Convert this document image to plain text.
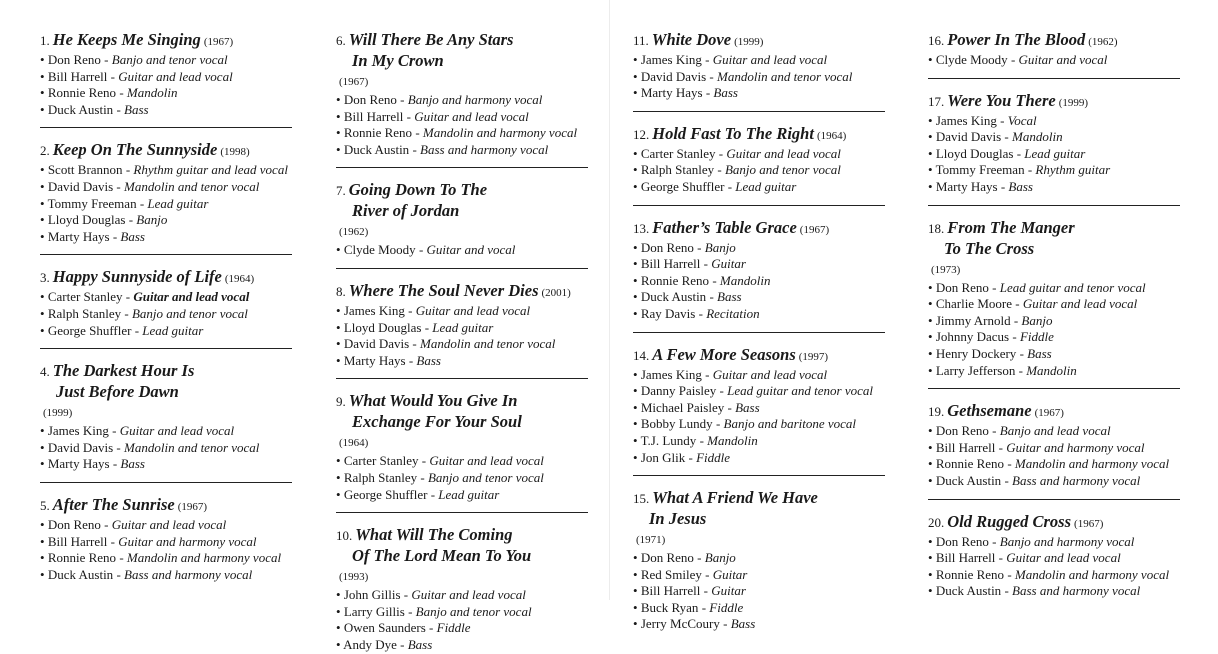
1. He Keeps Me Singing (1967)
• Don Reno - Banjo and tenor vocal
• Bill Harrell - Guitar and lead vocal
• Ronnie Reno - Mandolin
• Duck Austin - Bass
2. Keep On The Sunnyside (1998)
• Scott Brannon - Rhythm guitar and lead vocal
• David Davis - Mandolin and tenor vocal
• Tommy Freeman - Lead guitar
• Lloyd Douglas - Banjo
• Marty Hays - Bass
3. Happy Sunnyside of Life (1964)
• Carter Stanley - Guitar and lead vocal
• Ralph Stanley - Banjo and tenor vocal
• George Shuffler - Lead guitar
4. The Darkest Hour Is
Just Before Dawn
(1999)
• James King - Guitar and lead vocal
• David Davis - Mandolin and tenor vocal
• Marty Hays - Bass
5. After The Sunrise (1967)
• Don Reno - Guitar and lead vocal
• Bill Harrell - Guitar and harmony vocal
• Ronnie Reno - Mandolin and harmony vocal
• Duck Austin - Bass and harmony vocal
6. Will There Be Any Stars
In My Crown
(1967)
• Don Reno - Banjo and harmony vocal
• Bill Harrell - Guitar and lead vocal
• Ronnie Reno - Mandolin and harmony vocal
• Duck Austin - Bass and harmony vocal
7. Going Down To The
River of Jordan
(1962)
• Clyde Moody - Guitar and vocal
8. Where The Soul Never Dies (2001)
• James King - Guitar and lead vocal
• Lloyd Douglas - Lead guitar
• David Davis - Mandolin and tenor vocal
• Marty Hays - Bass
9. What Would You Give In
Exchange For Your Soul
(1964)
• Carter Stanley - Guitar and lead vocal
• Ralph Stanley - Banjo and tenor vocal
• George Shuffler - Lead guitar
10. What Will The Coming
Of The Lord Mean To You
(1993)
• John Gillis - Guitar and lead vocal
• Larry Gillis - Banjo and tenor vocal
• Owen Saunders - Fiddle
• Andy Dye - Bass
11. White Dove (1999)
• James King - Guitar and lead vocal
• David Davis - Mandolin and tenor vocal
• Marty Hays - Bass
12. Hold Fast To The Right (1964)
• Carter Stanley - Guitar and lead vocal
• Ralph Stanley - Banjo and tenor vocal
• George Shuffler - Lead guitar
13. Father’s Table Grace (1967)
• Don Reno - Banjo
• Bill Harrell - Guitar
• Ronnie Reno - Mandolin
• Duck Austin - Bass
• Ray Davis - Recitation
14. A Few More Seasons (1997)
• James King - Guitar and lead vocal
• Danny Paisley - Lead guitar and tenor vocal
• Michael Paisley - Bass
• Bobby Lundy - Banjo and baritone vocal
• T.J. Lundy - Mandolin
• Jon Glik - Fiddle
15. What A Friend We Have
In Jesus
(1971)
• Don Reno - Banjo
• Red Smiley - Guitar
• Bill Harrell - Guitar
• Buck Ryan - Fiddle
• Jerry McCoury - Bass
16. Power In The Blood (1962)
• Clyde Moody - Guitar and vocal
17. Were You There (1999)
• James King - Vocal
• David Davis - Mandolin
• Lloyd Douglas - Lead guitar
• Tommy Freeman - Rhythm guitar
• Marty Hays - Bass
18. From The Manger
To The Cross
(1973)
• Don Reno - Lead guitar and tenor vocal
• Charlie Moore - Guitar and lead vocal
• Jimmy Arnold - Banjo
• Johnny Dacus - Fiddle
• Henry Dockery - Bass
• Larry Jefferson - Mandolin
19. Gethsemane (1967)
• Don Reno - Banjo and lead vocal
• Bill Harrell - Guitar and harmony vocal
• Ronnie Reno - Mandolin and harmony vocal
• Duck Austin - Bass and harmony vocal
20. Old Rugged Cross (1967)
• Don Reno - Banjo and harmony vocal
• Bill Harrell - Guitar and lead vocal
• Ronnie Reno - Mandolin and harmony vocal
• Duck Austin - Bass and harmony vocal
